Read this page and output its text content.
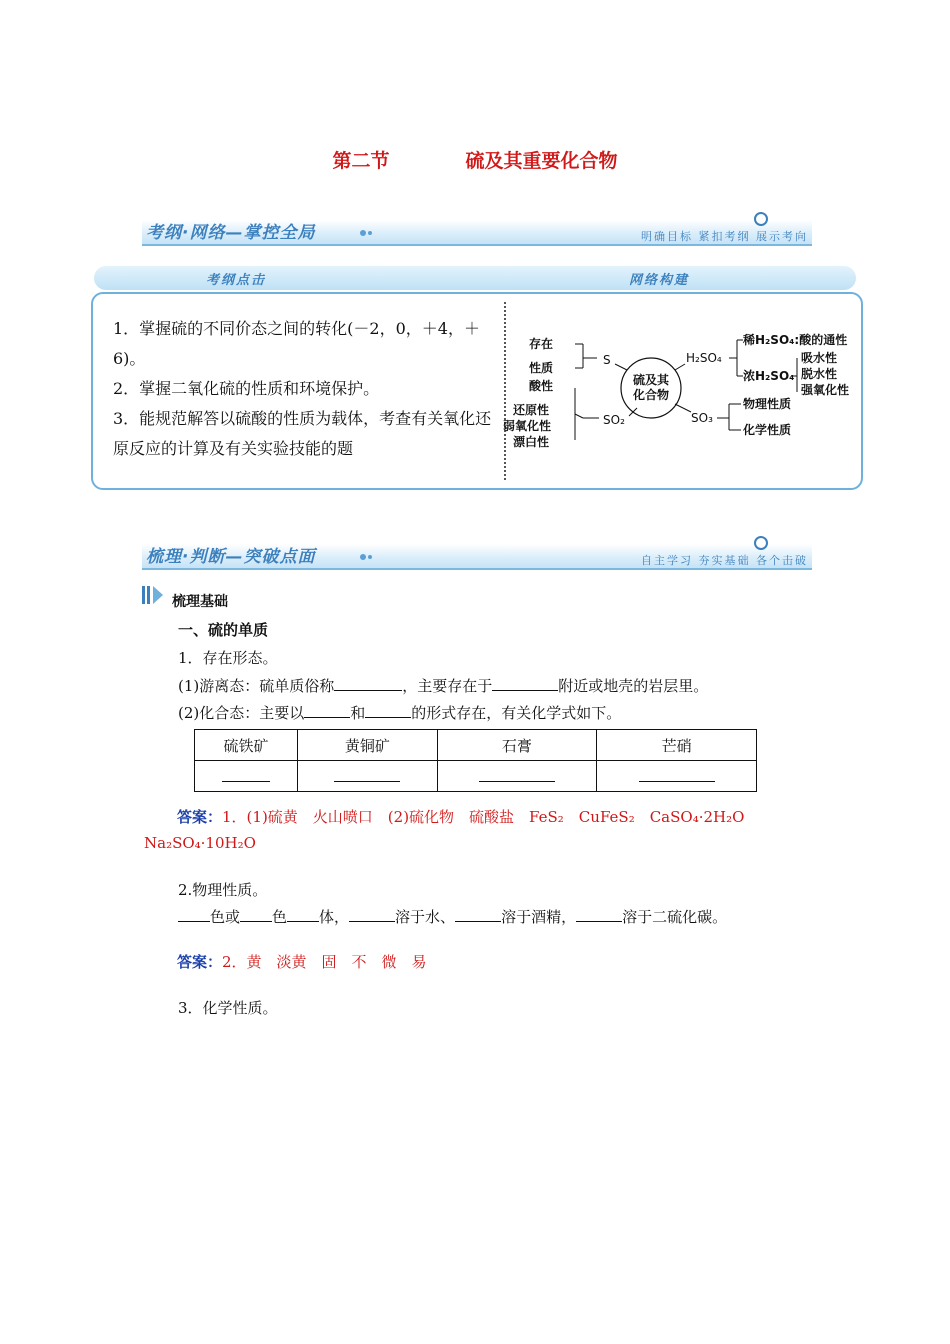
第二节	硫及其重要化合物
考纲·网络—掌控全局	明确目标 紧扣考纲 展示考向
考纲点击	网络构建
1．掌握硫的不同价态之间的转化(－2，0，＋4，＋6)。
2．掌握二氧化硫的性质和环境保护。
3．能规范解答以硫酸的性质为载体，考查有关氧化还原反应的计算及有关实验技能的题
硫及其
化合物
S
存在
性质
SO₂
酸性
还原性
弱氧化性
漂白性
H₂SO₄
稀H₂SO₄:酸的通性
浓H₂SO₄
吸水性
脱水性
强氧化性
SO₃
物理性质
化学性质
梳理·判断—突破点面	自主学习 夯实基础 各个击破
梳理基础
一、硫的单质
1．存在形态。
(1)游离态：硫单质俗称	，主要存在于	附近或地壳的岩层里。
(2)化合态：主要以	和	的形式存在，有关化学式如下。
硫铁矿	黄铜矿	石膏	芒硝

答案：1．(1)硫黄　火山喷口　(2)硫化物　硫酸盐　FeS₂　CuFeS₂　CaSO₄·2H₂O
Na₂SO₄·10H₂O
2.物理性质。
色或 色 体，	溶于水、	溶于酒精，	溶于二硫化碳。
答案：2．黄　淡黄　固　不　微　易
3．化学性质。
